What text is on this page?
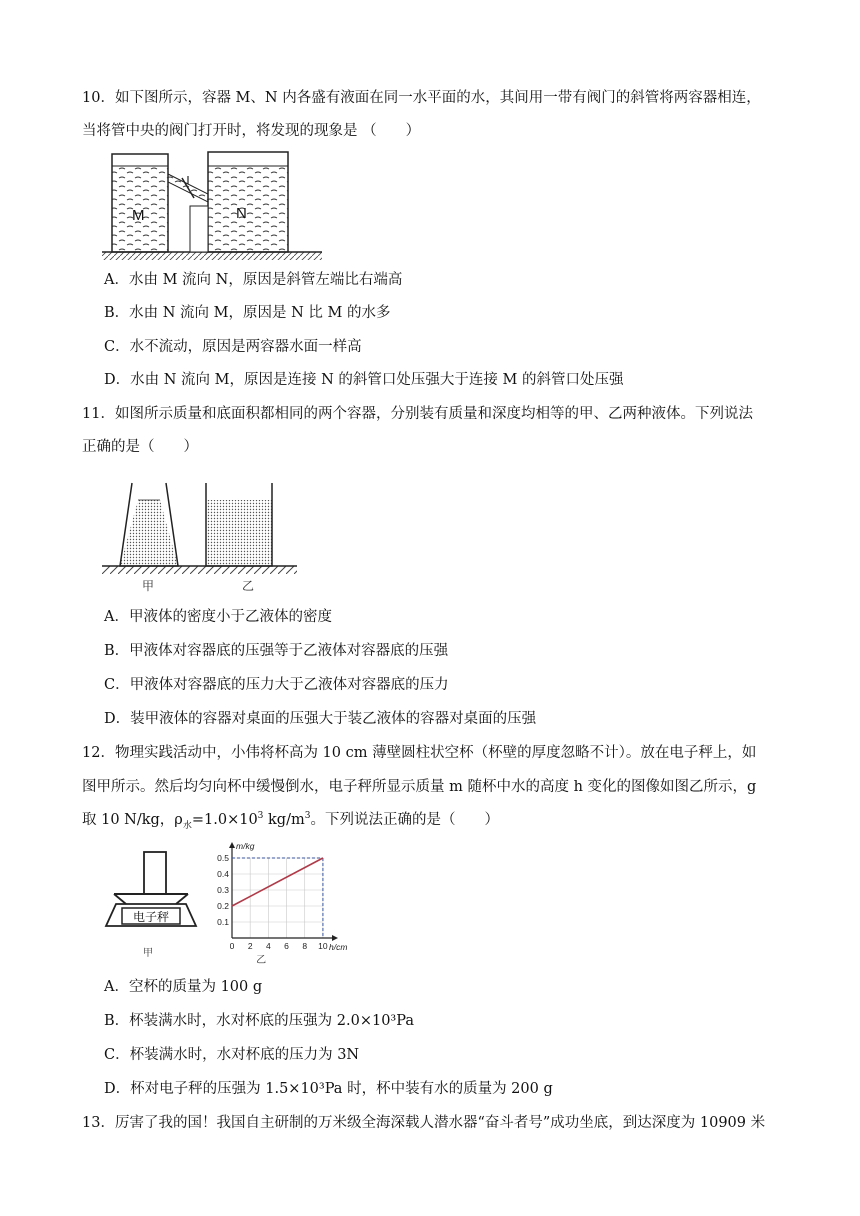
10．如下图所示，容器 M、N 内各盛有液面在同一水平面的水，其间用一带有阀门的斜管将两容器相连，
当将管中央的阀门打开时，将发现的现象是 （　　）
M	N
A．水由 M 流向 N，原因是斜管左端比右端高
B．水由 N 流向 M，原因是 N 比 M 的水多
C．水不流动，原因是两容器水面一样高
D．水由 N 流向 M，原因是连接 N 的斜管口处压强大于连接 M 的斜管口处压强
11．如图所示质量和底面积都相同的两个容器，分别装有质量和深度均相等的甲、乙两种液体。下列说法
正确的是（　　）
甲	乙
A．甲液体的密度小于乙液体的密度
B．甲液体对容器底的压强等于乙液体对容器底的压强
C．甲液体对容器底的压力大于乙液体对容器底的压力
D．装甲液体的容器对桌面的压强大于装乙液体的容器对桌面的压强
12．物理实践活动中，小伟将杯高为 10 cm 薄壁圆柱状空杯（杯壁的厚度忽略不计）。放在电子秤上，如
图甲所示。然后均匀向杯中缓慢倒水，电子秤所显示质量 m 随杯中水的高度 h 变化的图像如图乙所示，g
取 10 N/kg，$\rho_水=1.0\times 10^3$ $kg/m^3$。下列说法正确的是（　　）
电子秤
甲
0.1
0.2
0.3
0.4
0.5
0 2 4 6 8 10
m/kg
h/cm
乙
A．空杯的质量为 100 g
B．杯装满水时，水对杯底的压强为 2.0×10³Pa
C．杯装满水时，水对杯底的压力为 3N
D．杯对电子秤的压强为 1.5×10³Pa 时，杯中装有水的质量为 200 g
13．厉害了我的国！我国自主研制的万米级全海深载人潜水器“奋斗者号”成功坐底，到达深度为 10909 米
